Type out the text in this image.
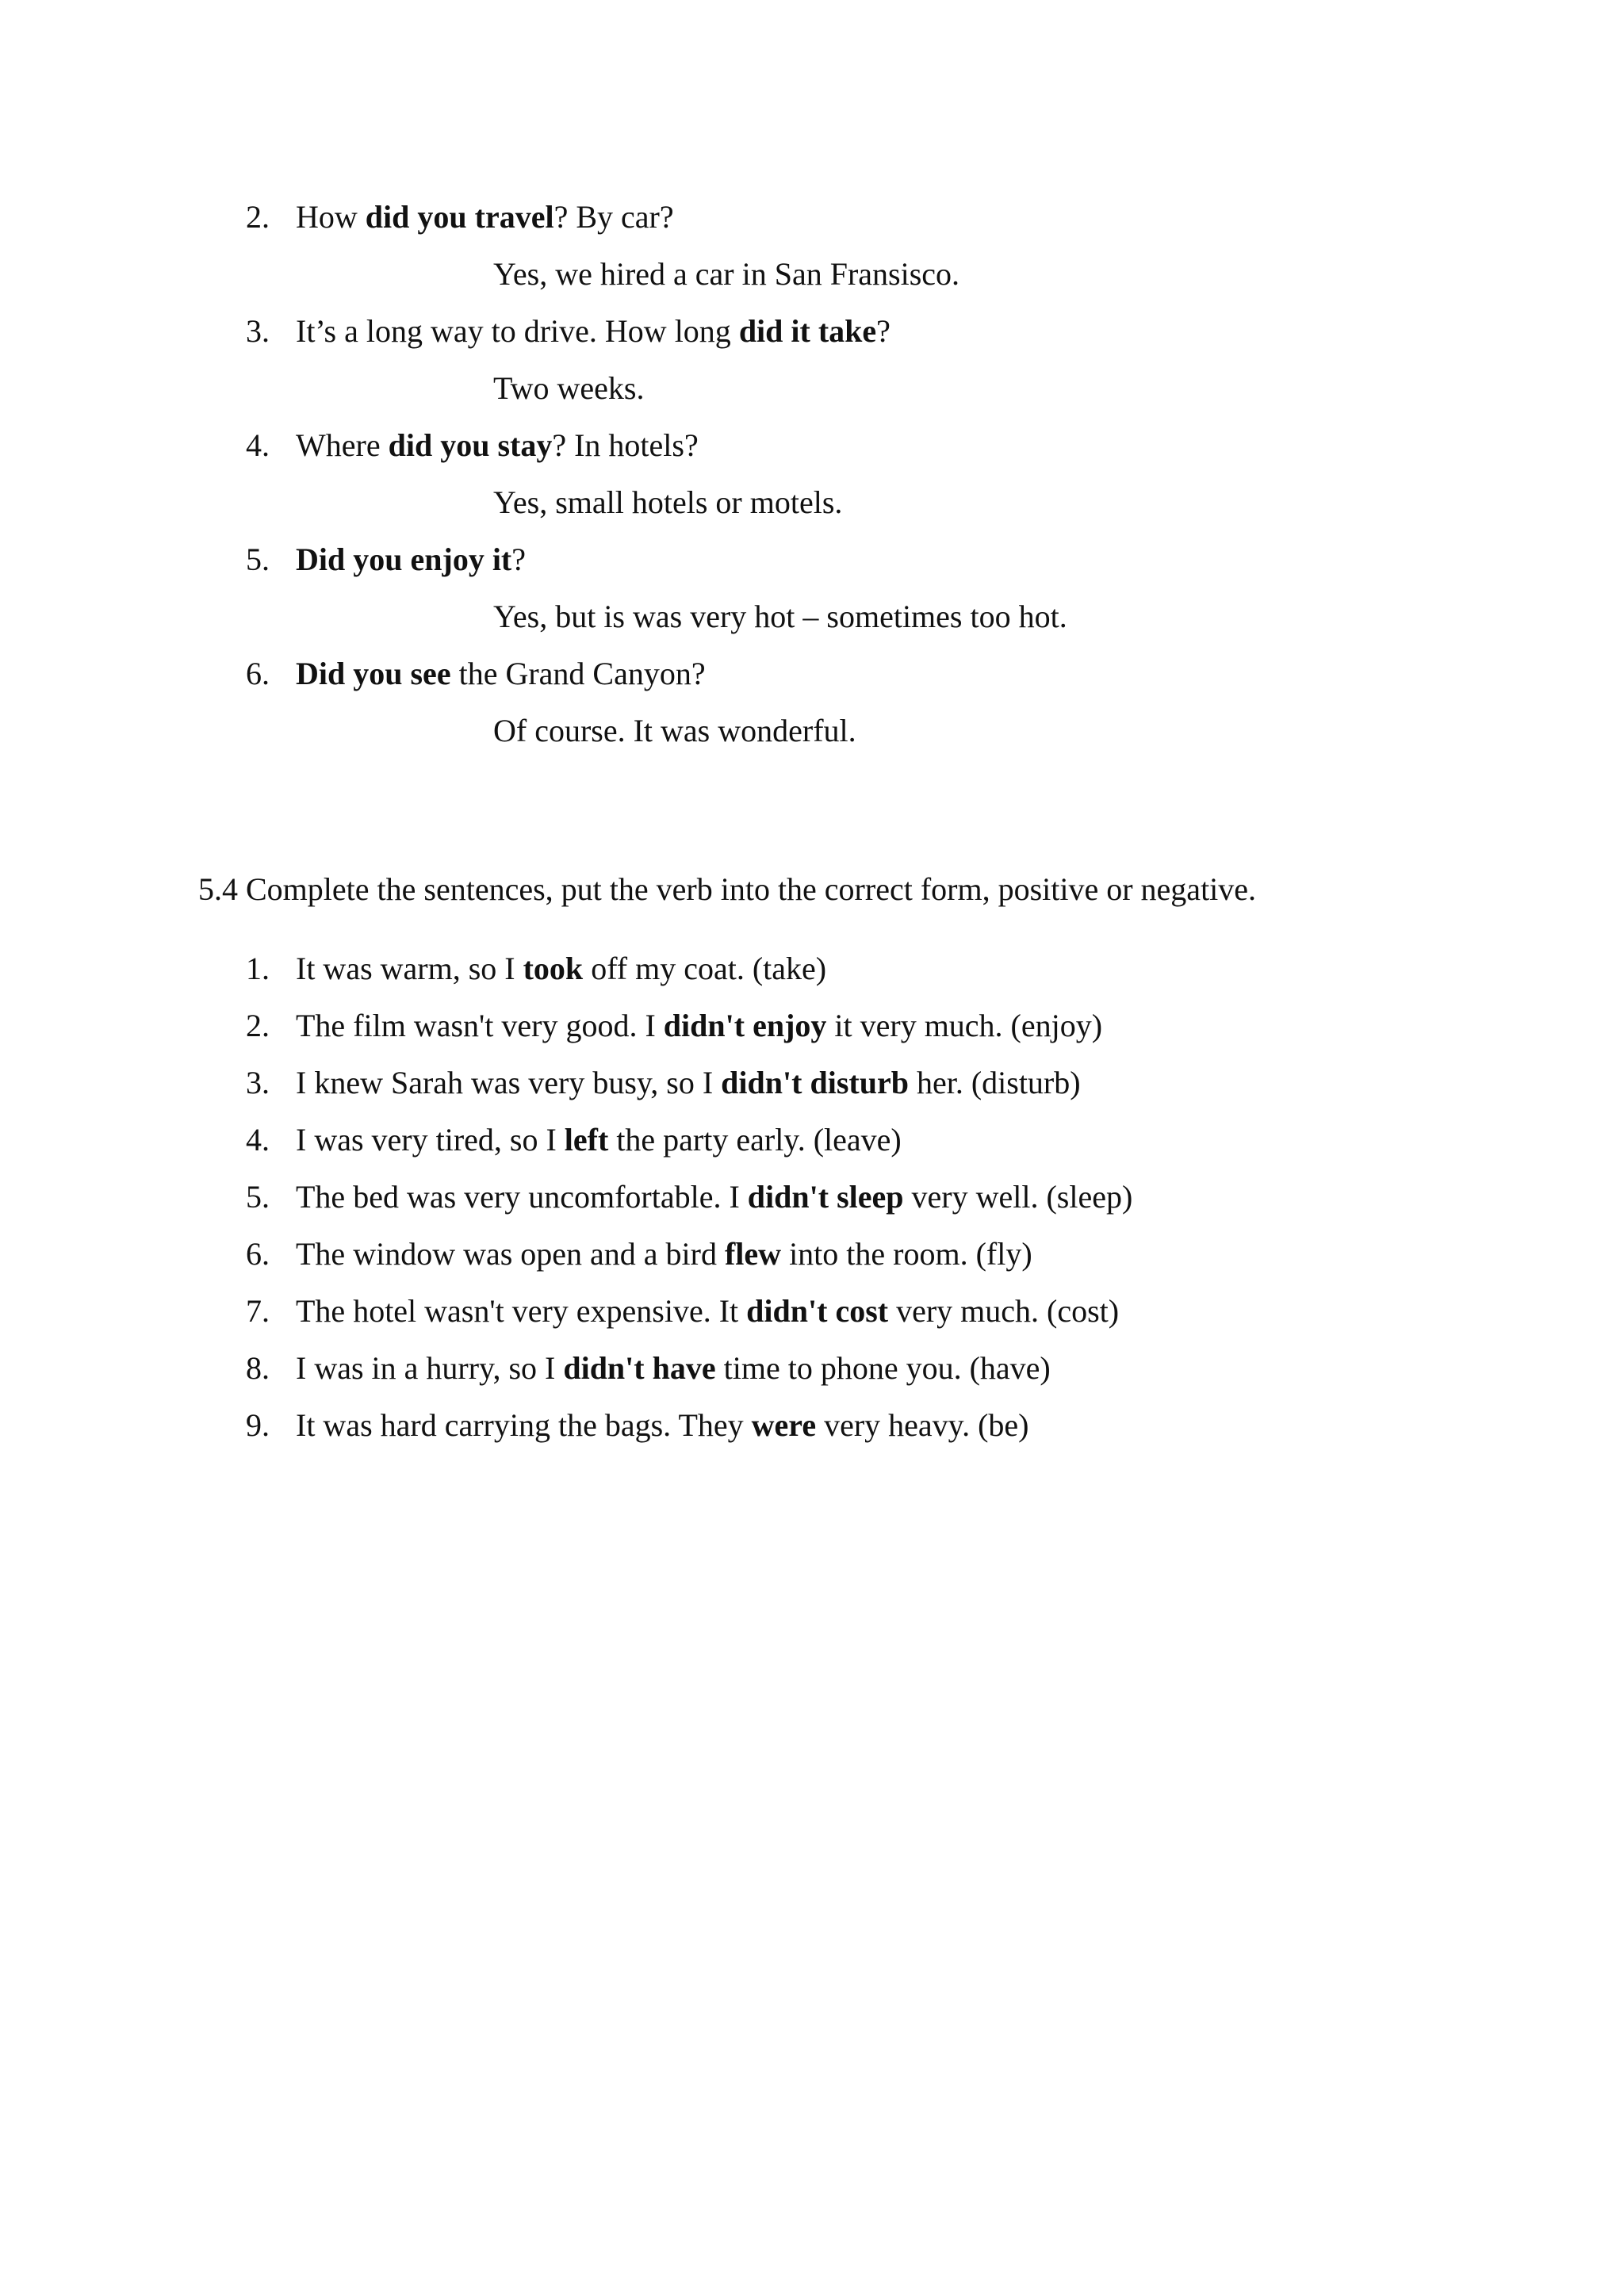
2. How did you travel? By car?
Yes, we hired a car in San Fransisco.
3. It’s a long way to drive. How long did it take?
Two weeks.
4. Where did you stay? In hotels?
Yes, small hotels or motels.
5. Did you enjoy it?
Yes, but is was very hot – sometimes too hot.
6. Did you see the Grand Canyon?
Of course. It was wonderful.
5.4 Complete the sentences, put the verb into the correct form, positive or negative.
1. It was warm, so I took off my coat. (take)
2. The film wasn't very good. I didn't enjoy it very much. (enjoy)
3. I knew Sarah was very busy, so I didn't disturb her. (disturb)
4. I was very tired, so I left the party early. (leave)
5. The bed was very uncomfortable. I didn't sleep very well. (sleep)
6. The window was open and a bird flew into the room. (fly)
7. The hotel wasn't very expensive. It didn't cost very much. (cost)
8. I was in a hurry, so I didn't have time to phone you. (have)
9. It was hard carrying the bags. They were very heavy. (be)
